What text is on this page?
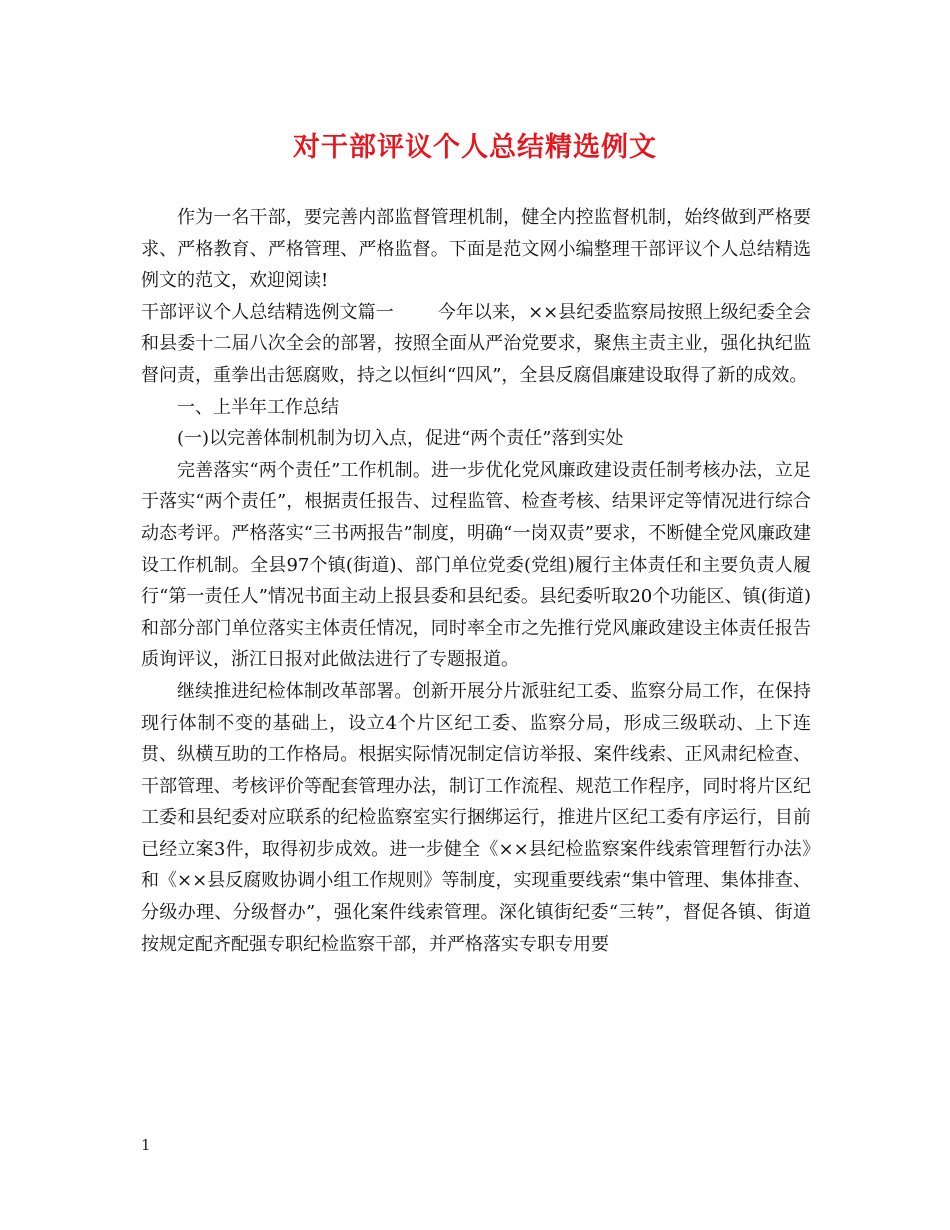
对干部评议个人总结精选例文

作为一名干部，要完善内部监督管理机制，健全内控监督机制，始终做到严格要求、严格教育、严格管理、严格监督。下面是范文网小编整理干部评议个人总结精选例文的范文，欢迎阅读!

干部评议个人总结精选例文篇一 今年以来，××县纪委监察局按照上级纪委全会和县委十二届八次全会的部署，按照全面从严治党要求，聚焦主责主业，强化执纪监督问责，重拳出击惩腐败，持之以恒纠“四风”，全县反腐倡廉建设取得了新的成效。

一、上半年工作总结

(一)以完善体制机制为切入点，促进“两个责任”落到实处

完善落实“两个责任”工作机制。进一步优化党风廉政建设责任制考核办法，立足于落实“两个责任”，根据责任报告、过程监管、检查考核、结果评定等情况进行综合动态考评。严格落实“三书两报告”制度，明确“一岗双责”要求，不断健全党风廉政建设工作机制。全县97个镇(街道)、部门单位党委(党组)履行主体责任和主要负责人履行“第一责任人”情况书面主动上报县委和县纪委。县纪委听取20个功能区、镇(街道)和部分部门单位落实主体责任情况，同时率全市之先推行党风廉政建设主体责任报告质询评议，浙江日报对此做法进行了专题报道。

继续推进纪检体制改革部署。创新开展分片派驻纪工委、监察分局工作，在保持现行体制不变的基础上，设立4个片区纪工委、监察分局，形成三级联动、上下连贯、纵横互助的工作格局。根据实际情况制定信访举报、案件线索、正风肃纪检查、干部管理、考核评价等配套管理办法，制订工作流程、规范工作程序，同时将片区纪工委和县纪委对应联系的纪检监察室实行捆绑运行，推进片区纪工委有序运行，目前已经立案3件，取得初步成效。进一步健全《××县纪检监察案件线索管理暂行办法》和《××县反腐败协调小组工作规则》等制度，实现重要线索“集中管理、集体排查、分级办理、分级督办”，强化案件线索管理。深化镇街纪委“三转”，督促各镇、街道按规定配齐配强专职纪检监察干部，并严格落实专职专用要

1
